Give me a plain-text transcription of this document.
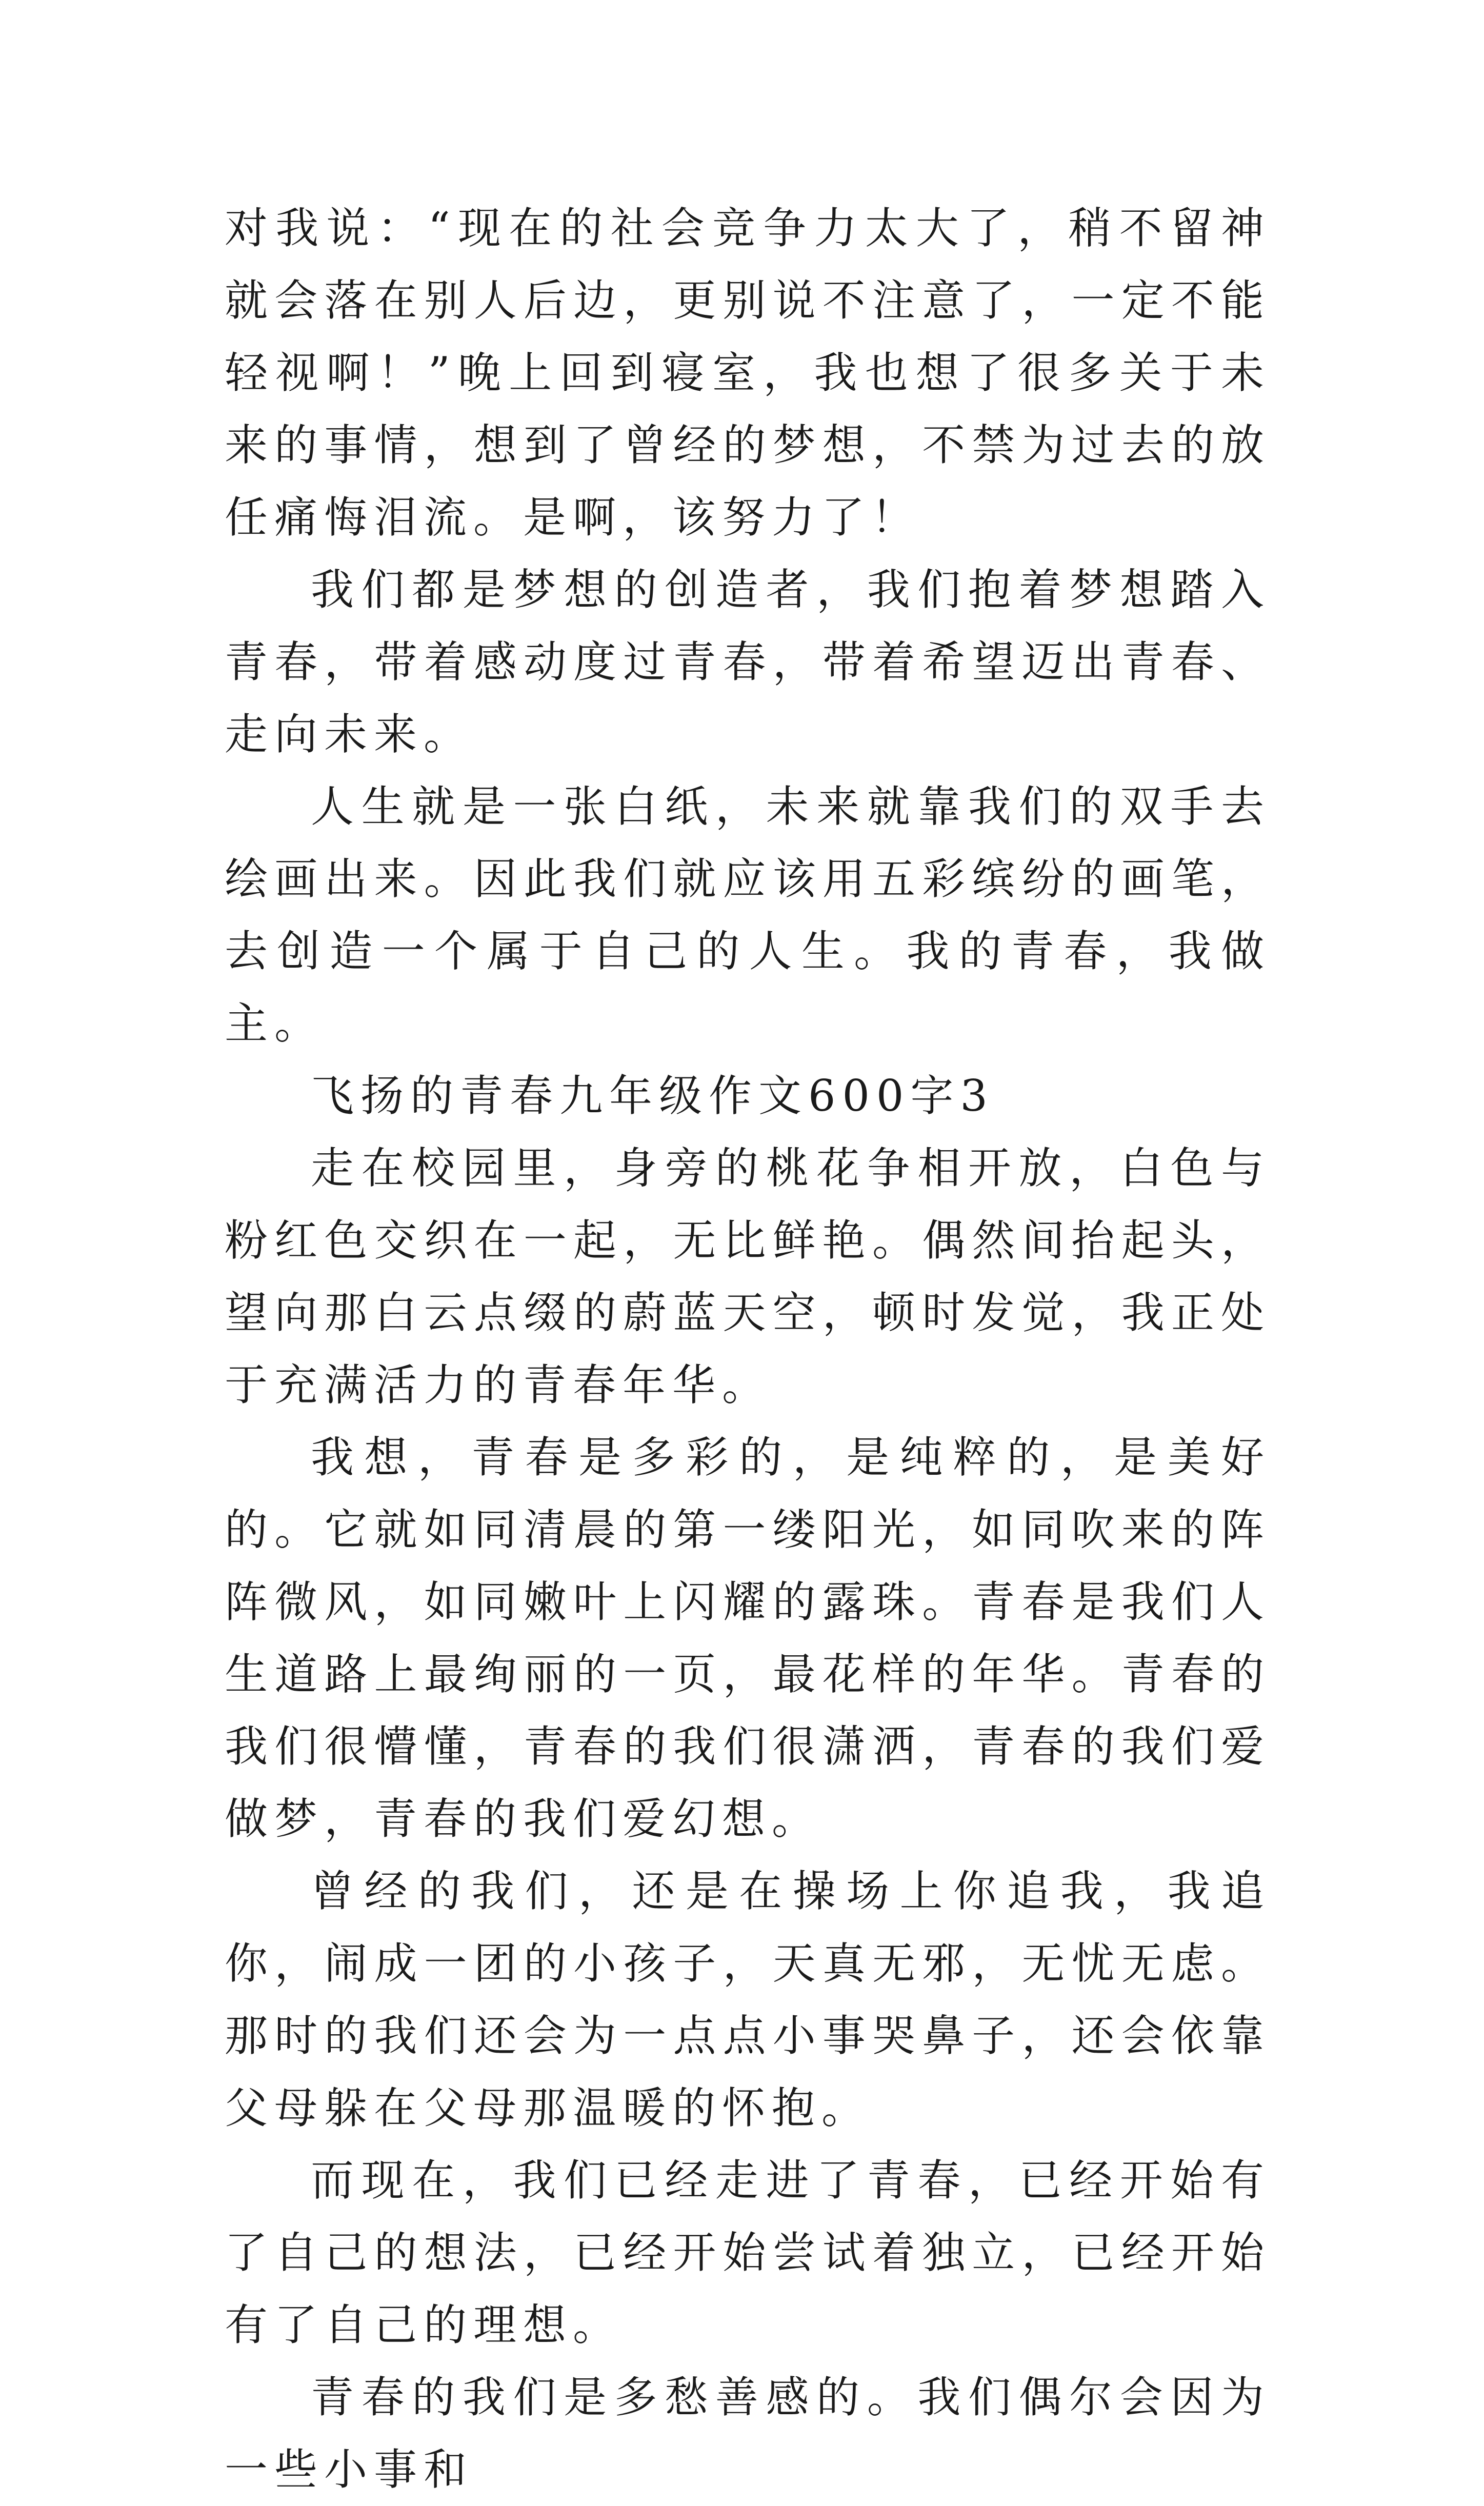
对我说：“现在的社会竞争力太大了，稍不留神就会落在别人后边，更别说不注意了，一定不能轻视啊！”晚上回到寝室，我也想了很多关于未来的事情，想到了曾经的梦想，不禁为过去的放任痛悔泪流。是啊，该努力了！

我们都是梦想的创造者，我们抱着梦想踏入青春，带着感动度过青春，带着希望迈出青春、走向未来。

人生就是一张白纸，未来就靠我们的双手去绘画出来。因此我们就应该用五彩缤纷的画笔，去创造一个属于自己的人生。我的青春，我做主。

飞扬的青春九年级作文600字3

走在校园里，身旁的桃花争相开放，白色与粉红色交织在一起，无比鲜艳。偶然间抬起头，望向那白云点缀的蔚蓝天空，顿时发觉，我正处于充满活力的青春年华。

我想，青春是多彩的，是纯粹的，是美好的。它就如同清晨的第一缕阳光，如同吹来的阵阵微风，如同嫩叶上闪耀的露珠。青春是我们人生道路上最绚丽的一页，最花样的年华。青春的我们很懵懂，青春的我们很潇洒，青春的我们爱做梦，青春的我们爱幻想。

曾经的我们，还是在操场上你追我，我追你，闹成一团的小孩子，天真无邪，无忧无虑。那时的我们还会为一点点小事哭鼻子，还会依靠父母躲在父母那温暖的怀抱。

而现在，我们已经走进了青春，已经开始有了自己的想法，已经开始尝试着独立，已经开始有了自己的理想。

青春的我们是多愁善感的。我们偶尔会因为一些小事和
